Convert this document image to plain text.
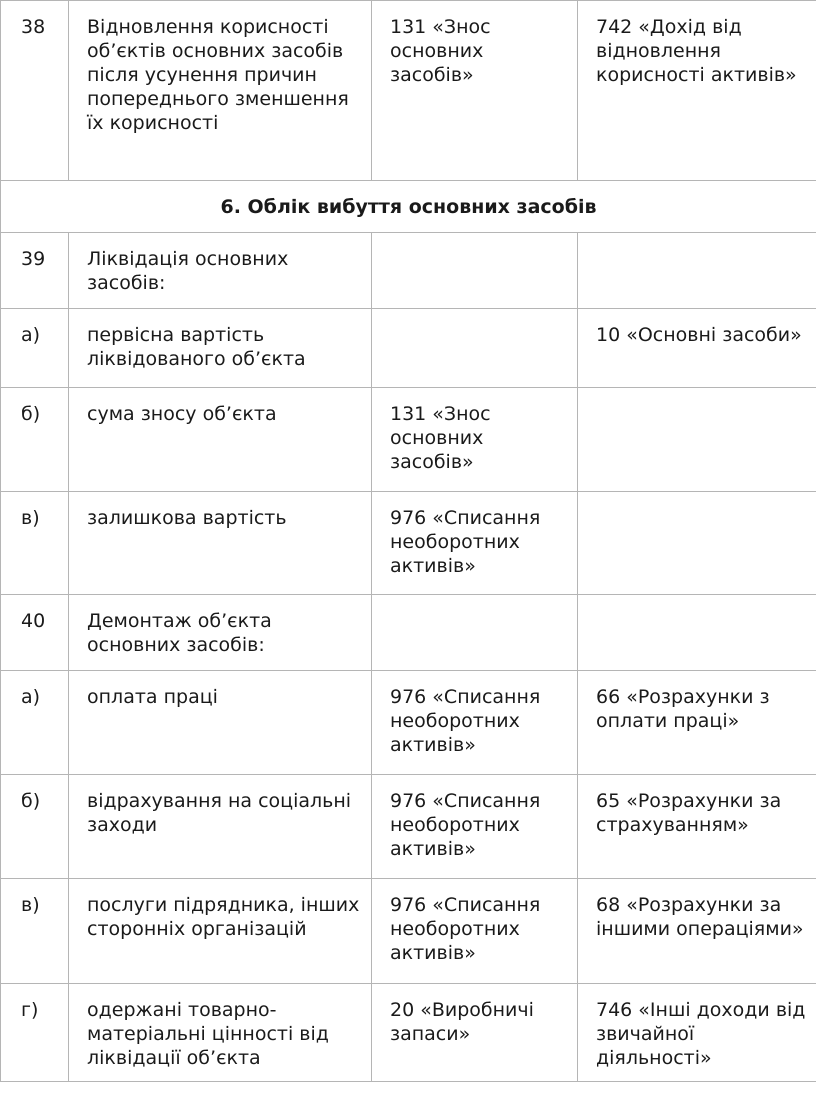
38	Відновлення корисності об’єктів основних засобів після усунення причин попереднього зменшення їх корисності	131 «Знос основних засобів»	742 «Дохід від відновлення корисності активів»
6. Облік вибуття основних засобів			
39	Ліквідація основних засобів:		
а)	первісна вартість ліквідованого об’єкта		10 «Основні засоби»
б)	сума зносу об’єкта	131 «Знос основних засобів»	
в)	залишкова вартість	976 «Списання необоротних активів»	
40	Демонтаж об’єкта основних засобів:		
а)	оплата праці	976 «Списання необоротних активів»	66 «Розрахунки з оплати праці»
б)	відрахування на соціальні заходи	976 «Списання необоротних активів»	65 «Розрахунки за страхуванням»
в)	послуги підрядника, інших сторонніх організацій	976 «Списання необоротних активів»	68 «Розрахунки за іншими операціями»
г)	одержані товарно-матеріальні цінності від ліквідації об’єкта	20 «Виробничі запаси»	746 «Інші доходи від звичайної діяльності»
